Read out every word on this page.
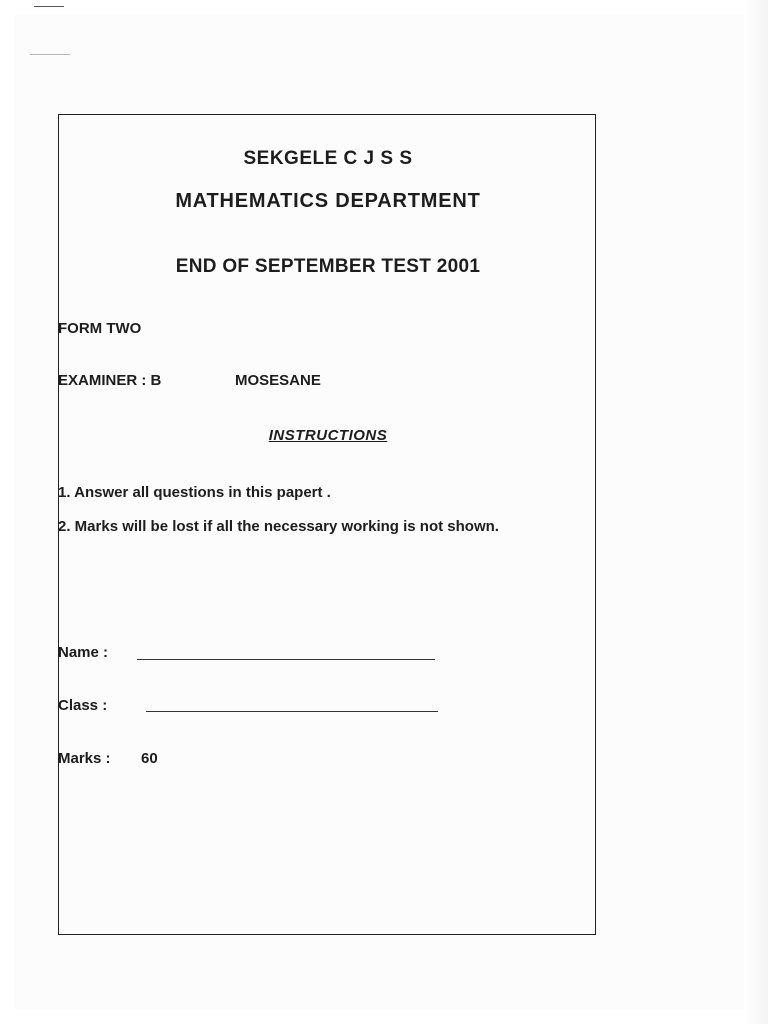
SEKGELE C J S S
MATHEMATICS DEPARTMENT
END OF SEPTEMBER TEST 2001
FORM TWO
EXAMINER : B	MOSESANE
INSTRUCTIONS
1. Answer all questions in this papert .
2. Marks will be lost if all the necessary working is not shown.
Name :
Class :
Marks : 60
